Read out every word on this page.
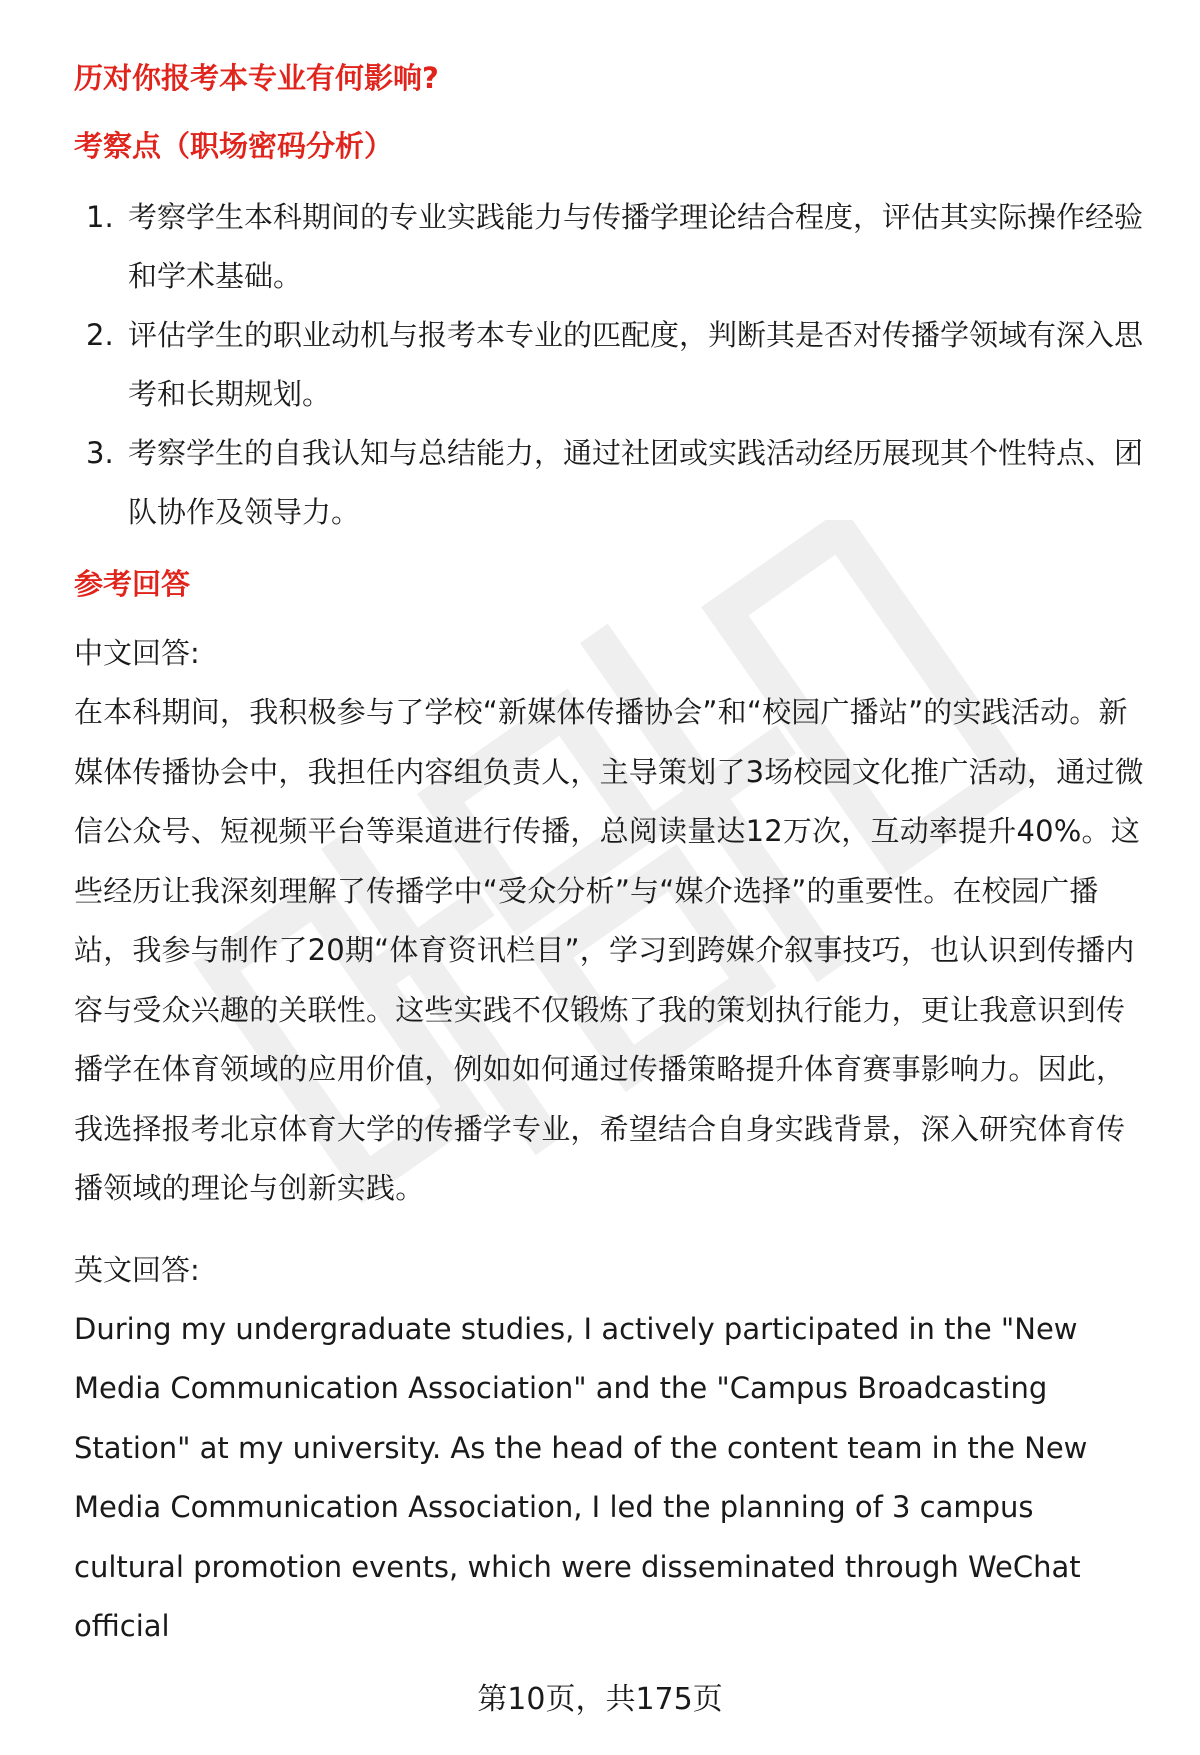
历对你报考本专业有何影响?
考察点（职场密码分析）
1. 考察学生本科期间的专业实践能力与传播学理论结合程度，评估其实际操作经验和学术基础。
2. 评估学生的职业动机与报考本专业的匹配度，判断其是否对传播学领域有深入思考和长期规划。
3. 考察学生的自我认知与总结能力，通过社团或实践活动经历展现其个性特点、团队协作及领导力。
参考回答

中文回答:

在本科期间，我积极参与了学校“新媒体传播协会”和“校园广播站”的实践活动。新媒体传播协会中，我担任内容组负责人，主导策划了3场校园文化推广活动，通过微信公众号、短视频平台等渠道进行传播，总阅读量达12万次，互动率提升40%。这些经历让我深刻理解了传播学中“受众分析”与“媒介选择”的重要性。在校园广播站，我参与制作了20期“体育资讯栏目”，学习到跨媒介叙事技巧，也认识到传播内容与受众兴趣的关联性。这些实践不仅锻炼了我的策划执行能力，更让我意识到传播学在体育领域的应用价值，例如如何通过传播策略提升体育赛事影响力。因此，我选择报考北京体育大学的传播学专业，希望结合自身实践背景，深入研究体育传播领域的理论与创新实践。

英文回答:

During my undergraduate studies, I actively participated in the "New Media Communication Association" and the "Campus Broadcasting Station" at my university. As the head of the content team in the New Media Communication Association, I led the planning of 3 campus cultural promotion events, which were disseminated through WeChat official

第10页，共175页
